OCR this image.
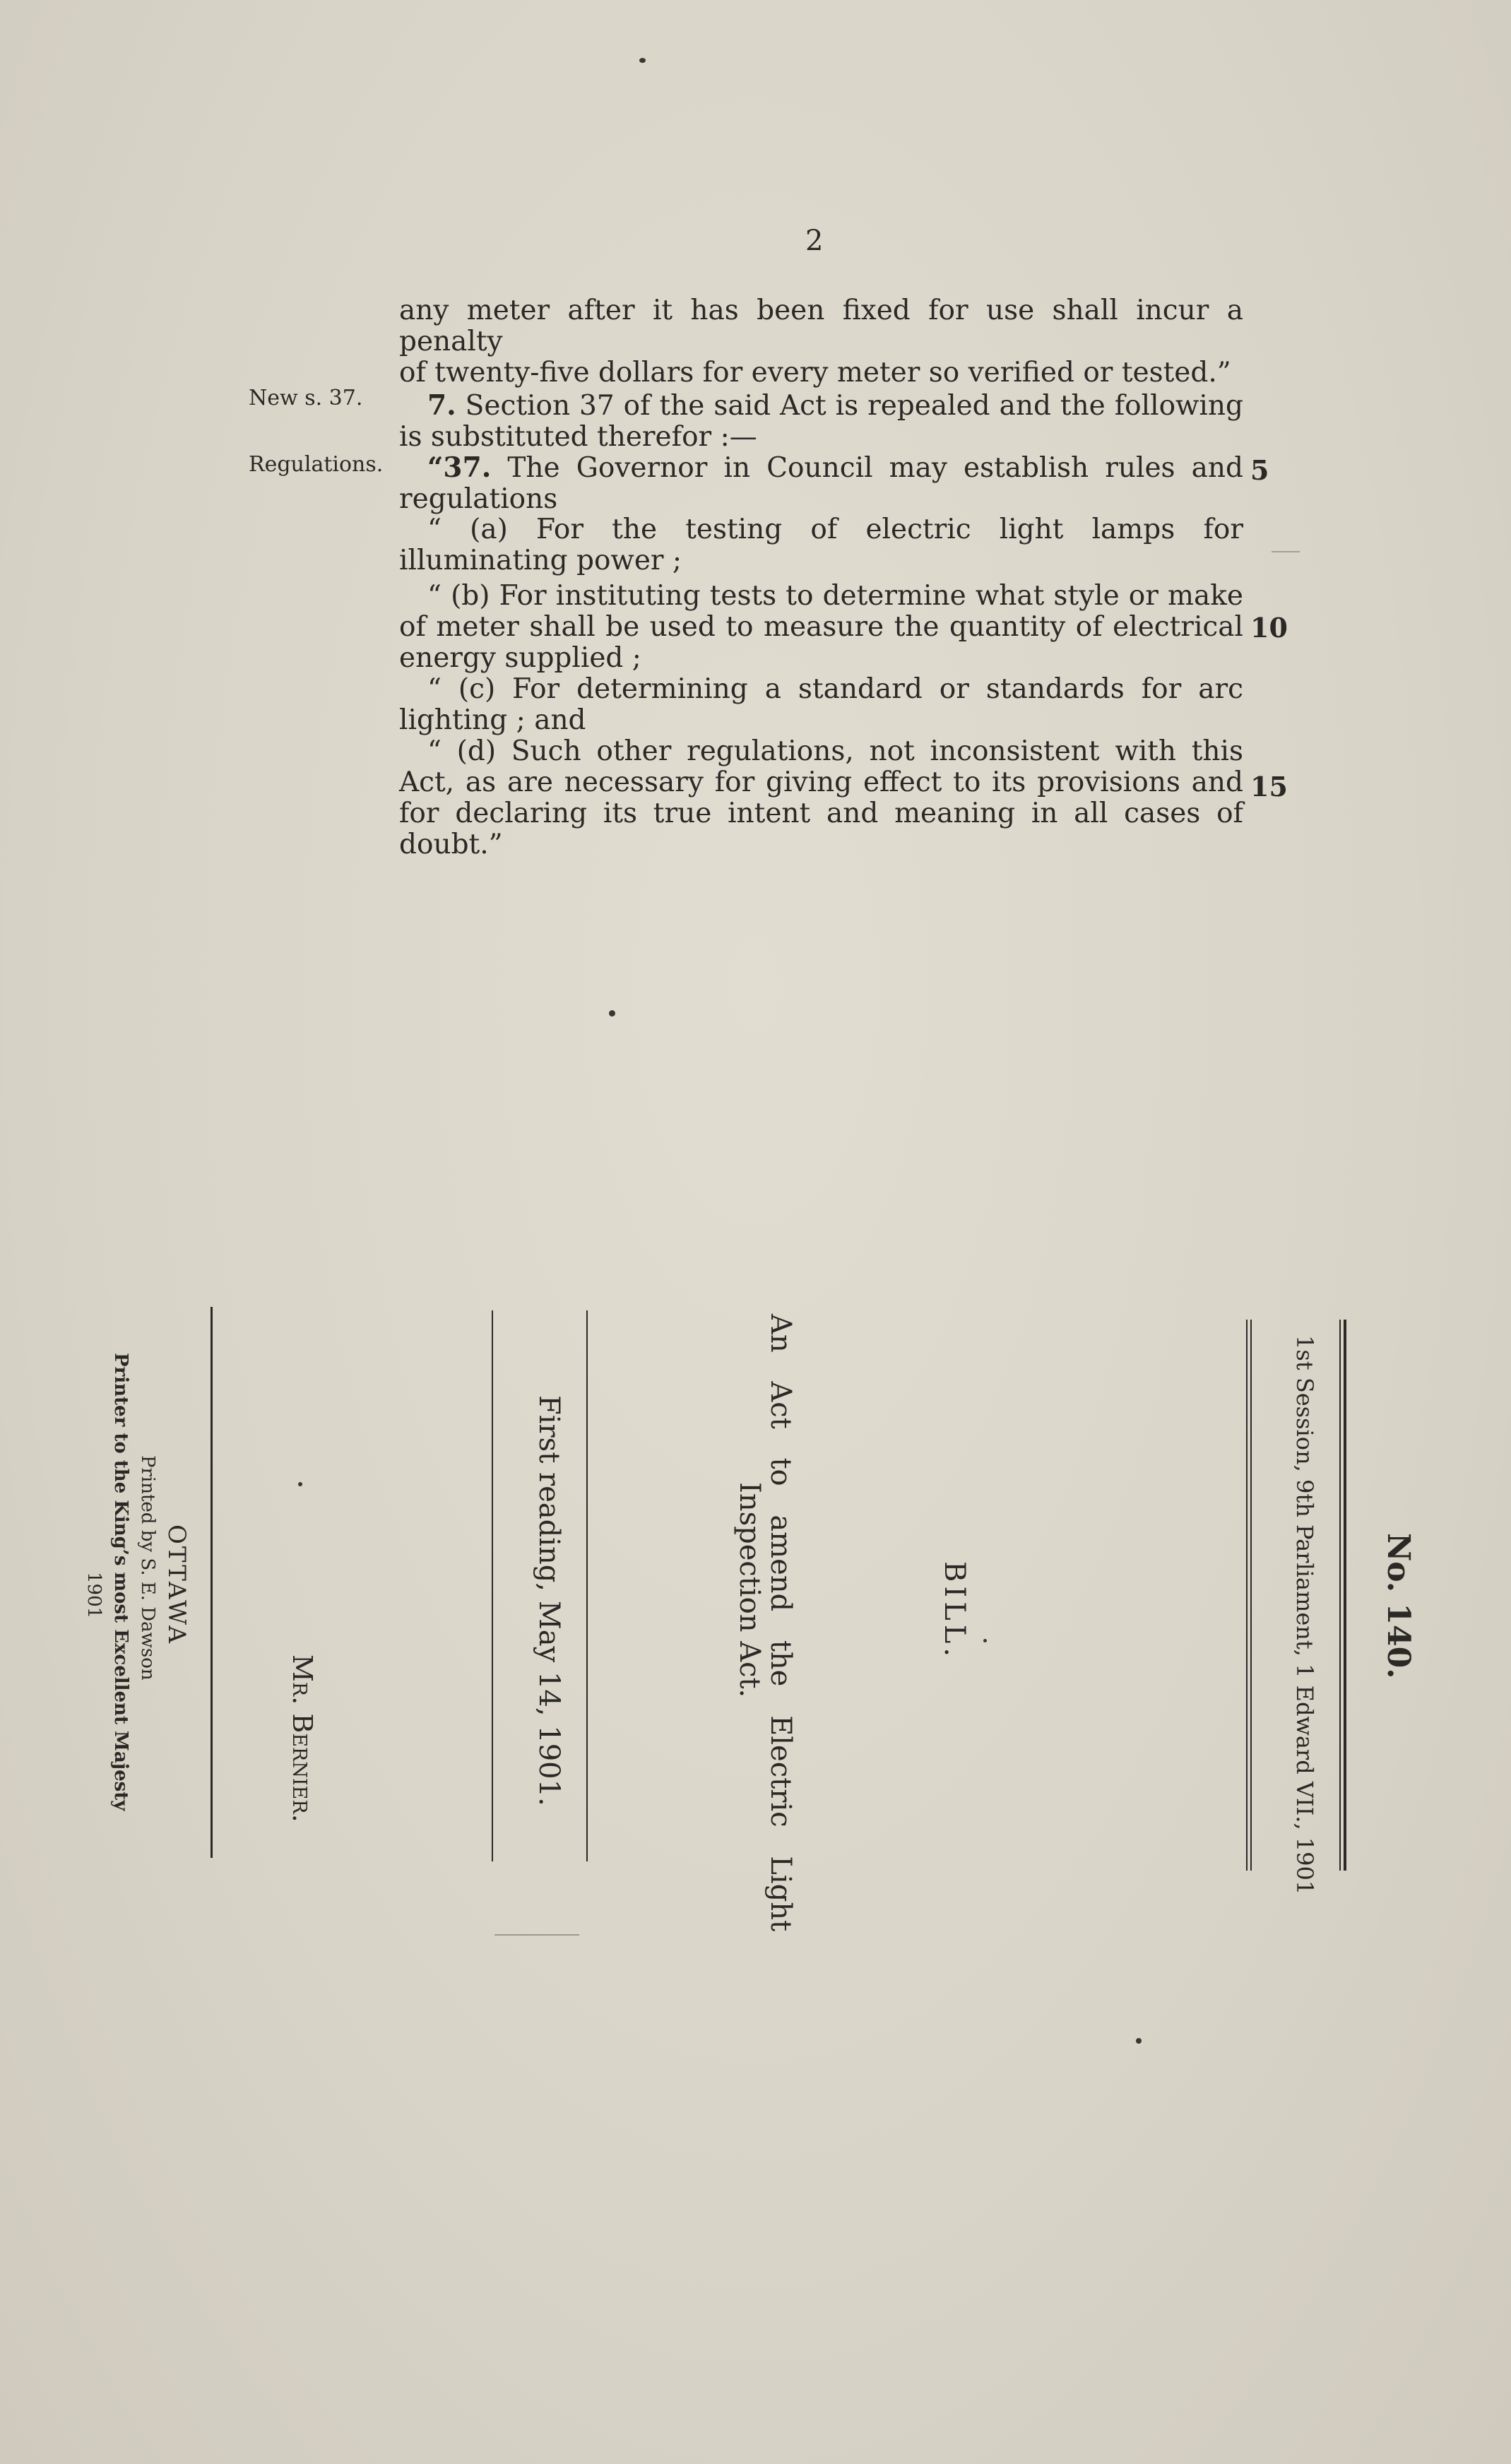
2

any meter after it has been fixed for use shall incur a penalty

of twenty-five dollars for every meter so verified or tested.”

New s. 37.	7. Section 37 of the said Act is repealed and the following is substituted therefor :—

Regulations.	“37. The Governor in Council may establish rules and regulations

5

“ (a) For the testing of electric light lamps for illuminating power ;

“ (b) For instituting tests to determine what style or make of meter shall be used to measure the quantity of electrical energy supplied ;

10

“ (c) For determining a standard or standards for arc lighting ; and

“ (d) Such other regulations, not inconsistent with this Act, as are necessary for giving effect to its provisions and for declaring its true intent and meaning in all cases of doubt.”

15
No. 140.
1st Session, 9th Parliament, 1 Edward VII., 1901
BILL.
An Act to amend the Electric Light
Inspection Act.
First reading, May 14, 1901.
Mr. Bernier.
OTTAWA
Printed by S. E. Dawson
Printer to the King’s most Excellent Majesty
1901
